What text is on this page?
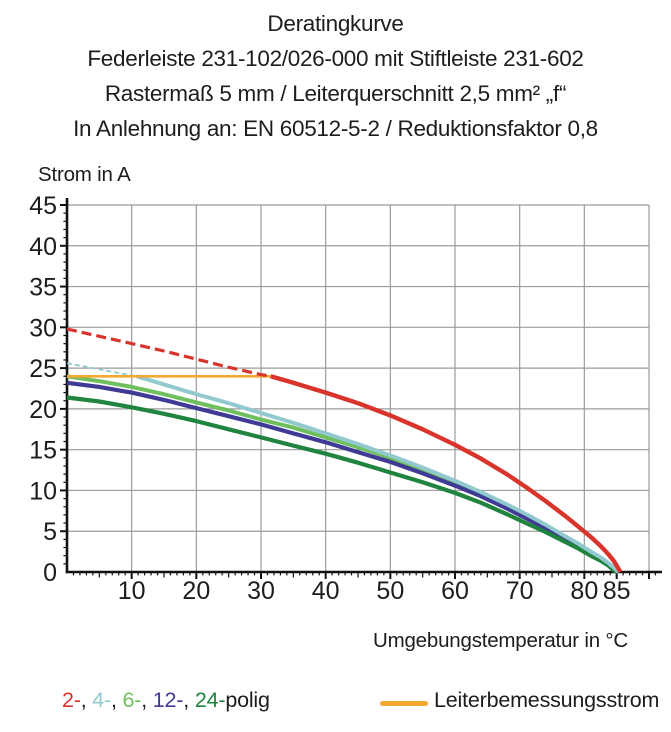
Deratingkurve
Federleiste 231-102/026-000 mit Stiftleiste 231-602
Rastermaß 5 mm / Leiterquerschnitt 2,5 mm² „f“
In Anlehnung an: EN 60512-5-2 / Reduktionsfaktor 0,8
Strom in A
0
5
10
15
20
25
30
35
40
45
10 20 30 40 50 60 70 80 85
Umgebungstemperatur in °C
2-, 4-, 6-, 12-, 24-polig	Leiterbemessungsstrom
